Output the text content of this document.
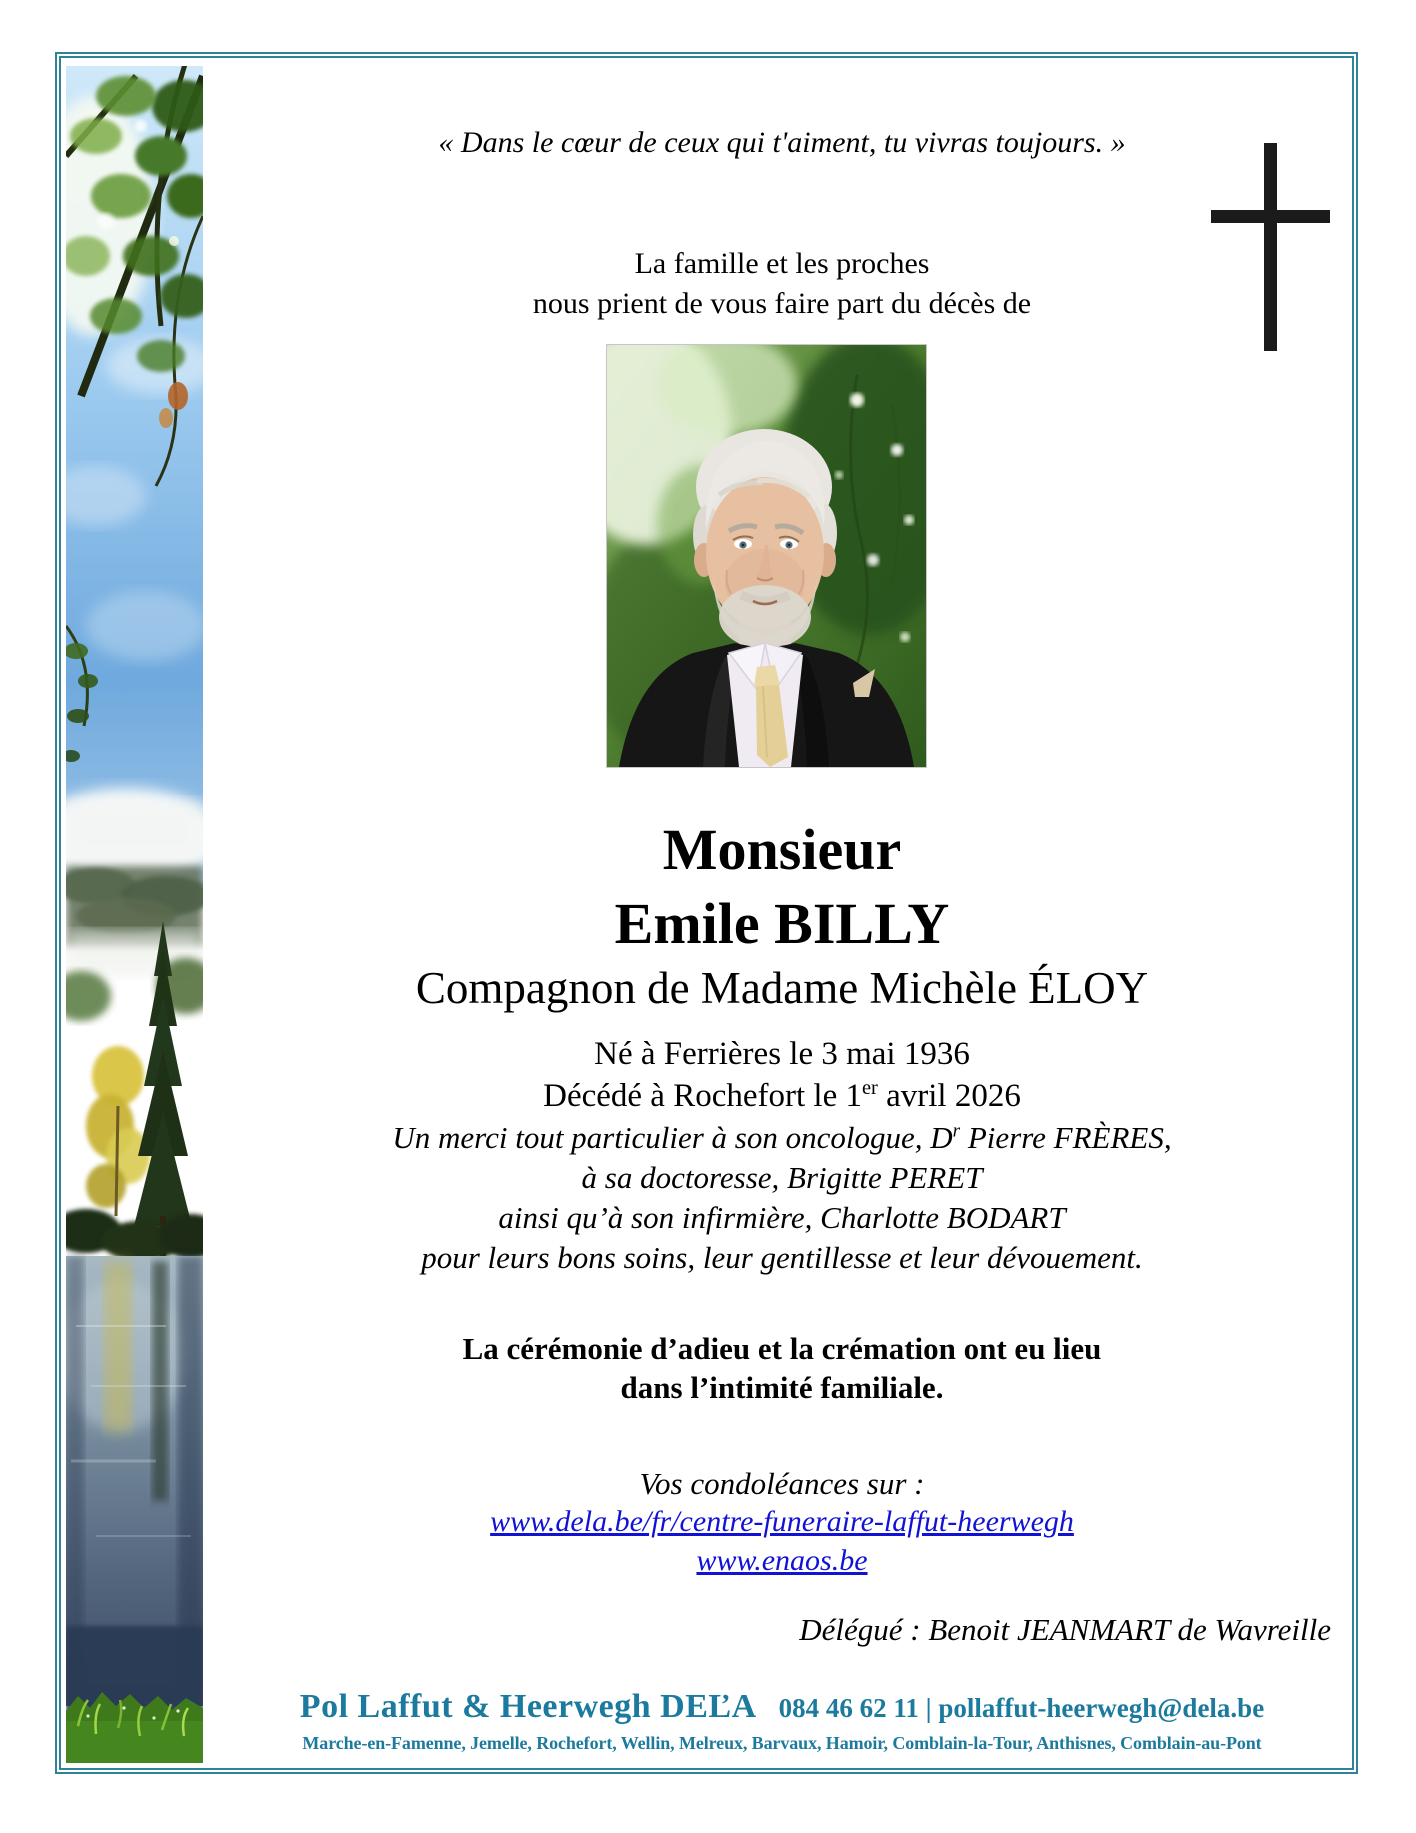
« Dans le cœur de ceux qui t'aiment, tu vivras toujours. »
La famille et les proches
nous prient de vous faire part du décès de
Monsieur
Emile BILLY
Compagnon de Madame Michèle ÉLOY
Né à Ferrières le 3 mai 1936
Décédé à Rochefort le 1er avril 2026
Un merci tout particulier à son oncologue, $D^r$ Pierre FRÈRES,
à sa doctoresse, Brigitte PERET
ainsi qu’à son infirmière, Charlotte BODART
pour leurs bons soins, leur gentillesse et leur dévouement.
La cérémonie d’adieu et la crémation ont eu lieu
dans l’intimité familiale.
Vos condoléances sur :
www.dela.be/fr/centre-funeraire-laffut-heerwegh
www.enaos.be
Délégué : Benoit JEANMART de Wavreille
Pol Laffut & Heerwegh DEĽA 084 46 62 11 | pollaffut-heerwegh@dela.be
Marche-en-Famenne, Jemelle, Rochefort, Wellin, Melreux, Barvaux, Hamoir, Comblain-la-Tour, Anthisnes, Comblain-au-Pont
